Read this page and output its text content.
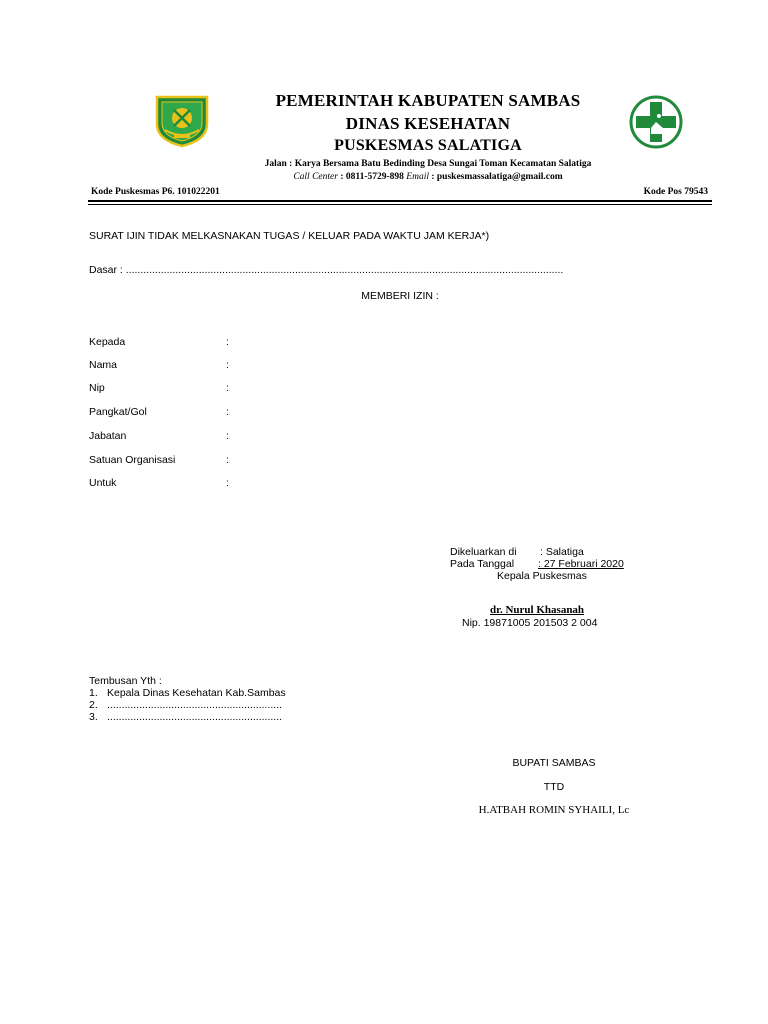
PEMERINTAH KABUPATEN SAMBAS
DINAS KESEHATAN
PUSKESMAS SALATIGA
Jalan : Karya Bersama Batu Bedinding Desa Sungai Toman Kecamatan Salatiga
Call Center : 0811-5729-898 Email : puskesmassalatiga@gmail.com
Kode Puskesmas P6. 101022201	Kode Pos 79543
SURAT IJIN TIDAK MELKASNAKAN TUGAS / KELUAR PADA WAKTU JAM KERJA*)
Dasar : ......................................................................................................................................................
MEMBERI IZIN :
Kepada	:
Nama	:
Nip	:
Pangkat/Gol	:
Jabatan	:
Satuan Organisasi	:
Untuk	:
Dikeluarkan di : Salatiga
Pada Tanggal : 27 Februari 2020
Kepala Puskesmas
dr. Nurul Khasanah
Nip. 19871005 201503 2 004
Tembusan Yth :
1. Kepala Dinas Kesehatan Kab.Sambas
2. ............................................................
3. ............................................................
BUPATI SAMBAS
TTD
H.ATBAH ROMIN SYHAILI, Lc
